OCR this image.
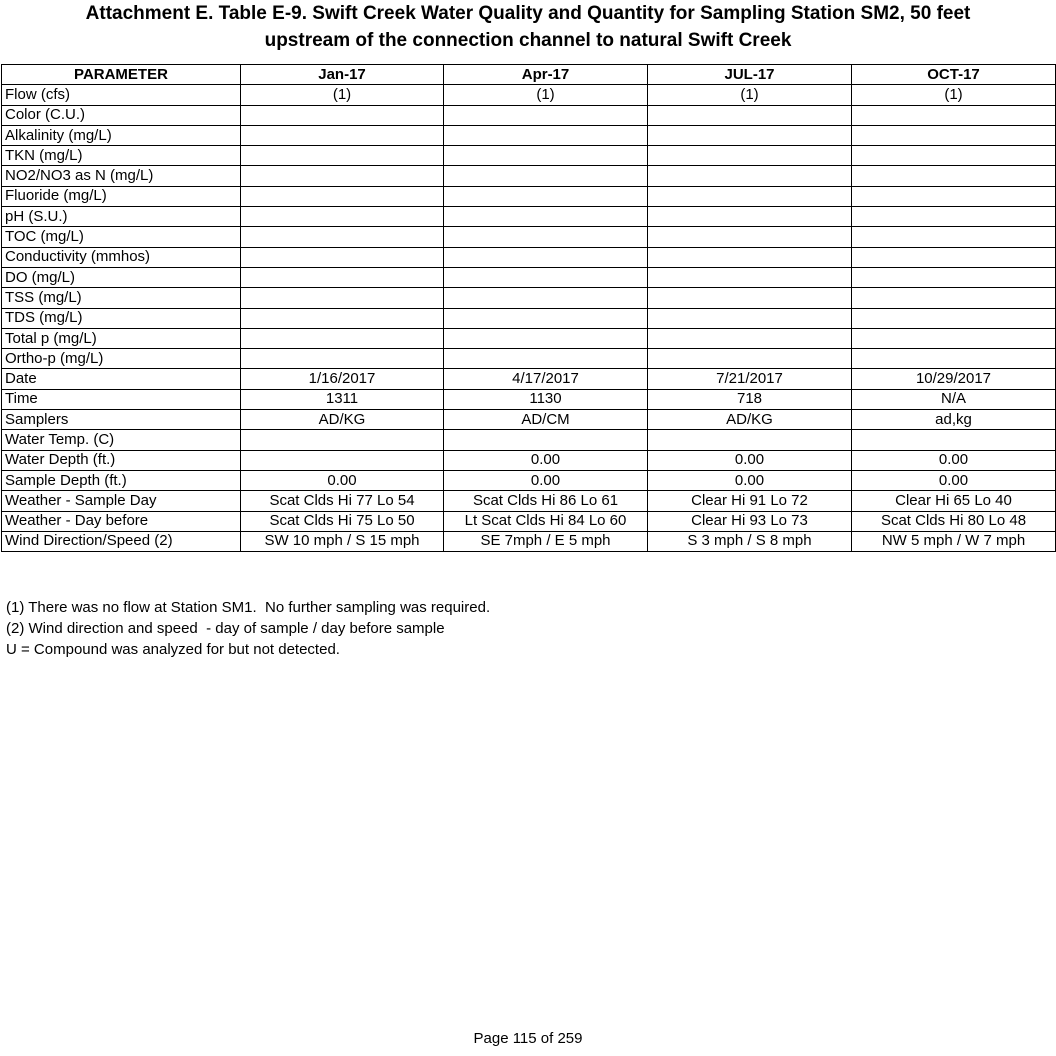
Attachment E. Table E-9. Swift Creek Water Quality and Quantity for Sampling Station SM2, 50 feet
upstream of the connection channel to natural Swift Creek
PARAMETER	Jan-17	Apr-17	JUL-17	OCT-17
Flow (cfs)	(1)	(1)	(1)	(1)
Color (C.U.)				
Alkalinity (mg/L)				
TKN (mg/L)				
NO2/NO3 as N (mg/L)				
Fluoride (mg/L)				
pH (S.U.)				
TOC (mg/L)				
Conductivity (mmhos)				
DO (mg/L)				
TSS (mg/L)				
TDS (mg/L)				
Total p (mg/L)				
Ortho-p (mg/L)				
Date	1/16/2017	4/17/2017	7/21/2017	10/29/2017
Time	1311	1130	718	N/A
Samplers	AD/KG	AD/CM	AD/KG	ad,kg
Water Temp. (C)				
Water Depth (ft.)		0.00	0.00	0.00
Sample Depth (ft.)	0.00	0.00	0.00	0.00
Weather - Sample Day	Scat Clds Hi 77 Lo 54	Scat Clds Hi 86 Lo 61	Clear Hi 91 Lo 72	Clear Hi 65 Lo 40
Weather - Day before	Scat Clds Hi 75 Lo 50	Lt Scat Clds Hi 84 Lo 60	Clear Hi 93 Lo 73	Scat Clds Hi 80 Lo 48
Wind Direction/Speed (2)	SW 10 mph / S 15 mph	SE 7mph / E 5 mph	S 3 mph / S 8 mph	NW 5 mph / W 7 mph
(1) There was no flow at Station SM1.  No further sampling was required.
(2) Wind direction and speed  - day of sample / day before sample
U = Compound was analyzed for but not detected.
Page 115 of 259
